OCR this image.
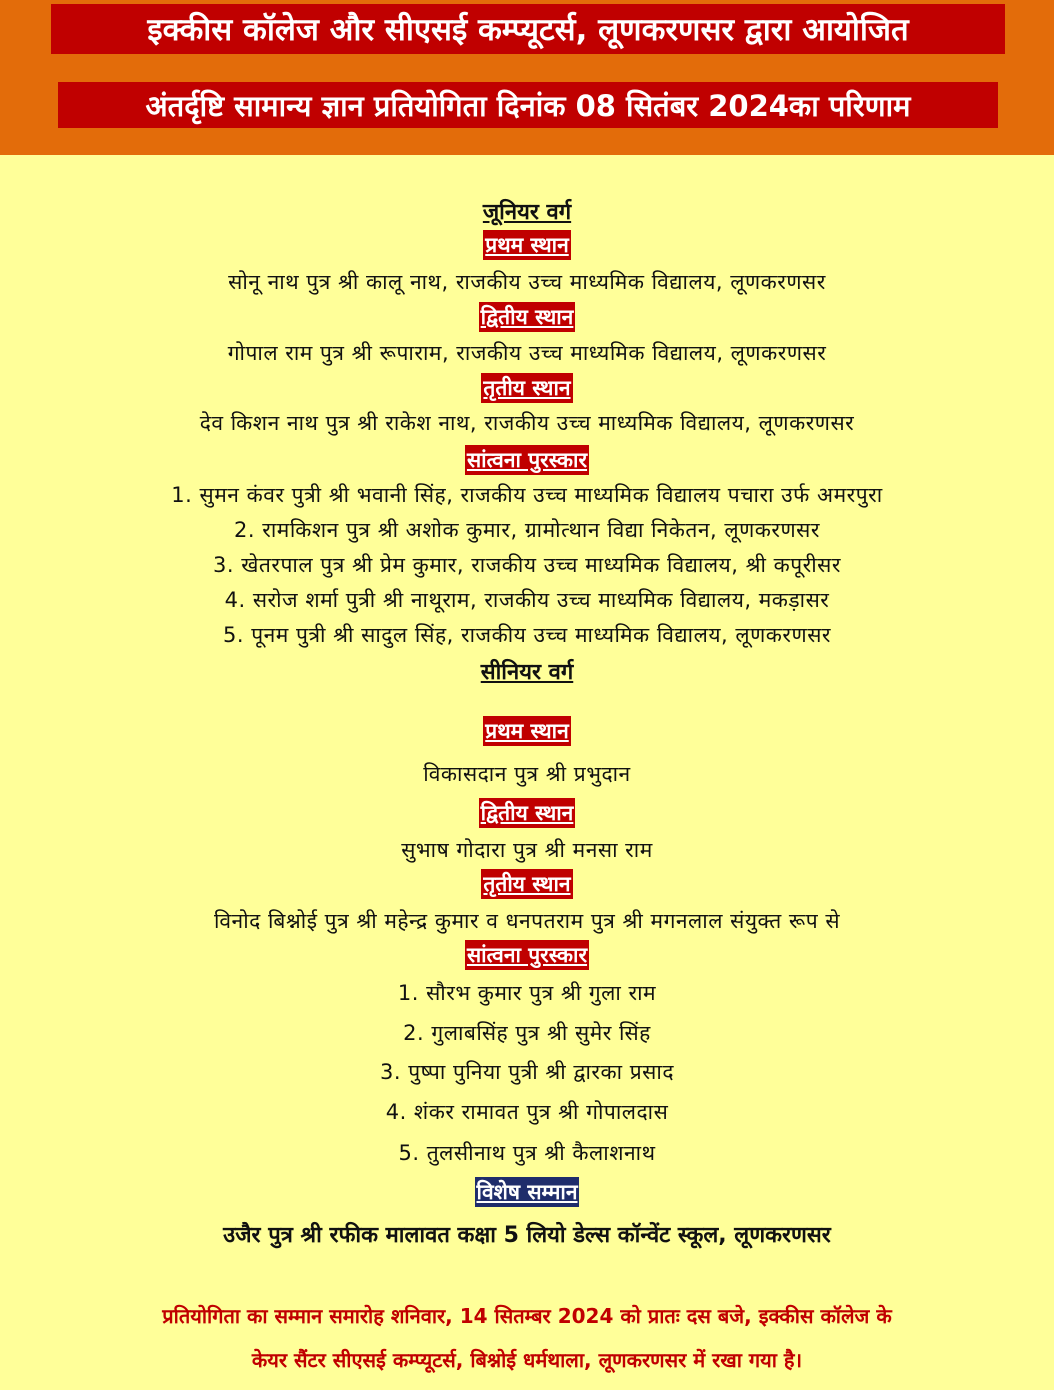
इक्कीस कॉलेज और सीएसई कम्प्यूटर्स, लूणकरणसर द्वारा आयोजित
अंतर्दृष्टि सामान्य ज्ञान प्रतियोगिता दिनांक 08 सितंबर 2024का परिणाम
जूनियर वर्ग
प्रथम स्थान
सोनू नाथ पुत्र श्री कालू नाथ, राजकीय उच्च माध्यमिक विद्यालय, लूणकरणसर
द्वितीय स्थान
गोपाल राम पुत्र श्री रूपाराम, राजकीय उच्च माध्यमिक विद्यालय, लूणकरणसर
तृतीय स्थान
देव किशन नाथ पुत्र श्री राकेश नाथ, राजकीय उच्च माध्यमिक विद्यालय, लूणकरणसर
सांत्वना पुरस्कार
1. सुमन कंवर पुत्री श्री भवानी सिंह, राजकीय उच्च माध्यमिक विद्यालय पचारा उर्फ अमरपुरा
2. रामकिशन पुत्र श्री अशोक कुमार, ग्रामोत्थान विद्या निकेतन, लूणकरणसर
3. खेतरपाल पुत्र श्री प्रेम कुमार, राजकीय उच्च माध्यमिक विद्यालय, श्री कपूरीसर
4. सरोज शर्मा पुत्री श्री नाथूराम, राजकीय उच्च माध्यमिक विद्यालय, मकड़ासर
5. पूनम पुत्री श्री सादुल सिंह, राजकीय उच्च माध्यमिक विद्यालय, लूणकरणसर
सीनियर वर्ग
प्रथम स्थान
विकासदान पुत्र श्री प्रभुदान
द्वितीय स्थान
सुभाष गोदारा पुत्र श्री मनसा राम
तृतीय स्थान
विनोद बिश्नोई पुत्र श्री महेन्द्र कुमार व धनपतराम पुत्र श्री मगनलाल संयुक्त रूप से
सांत्वना पुरस्कार
1. सौरभ कुमार पुत्र श्री गुला राम
2. गुलाबसिंह पुत्र श्री सुमेर सिंह
3. पुष्पा पुनिया पुत्री श्री द्वारका प्रसाद
4. शंकर रामावत पुत्र श्री गोपालदास
5. तुलसीनाथ पुत्र श्री कैलाशनाथ
विशेष सम्मान
उजैर पुत्र श्री रफीक मालावत कक्षा 5 लियो डेल्स कॉन्वेंट स्कूल, लूणकरणसर
प्रतियोगिता का सम्मान समारोह शनिवार, 14 सितम्बर 2024 को प्रातः दस बजे, इक्कीस कॉलेज के
केयर सैंटर सीएसई कम्प्यूटर्स, बिश्नोई धर्मथाला, लूणकरणसर में रखा गया है।
